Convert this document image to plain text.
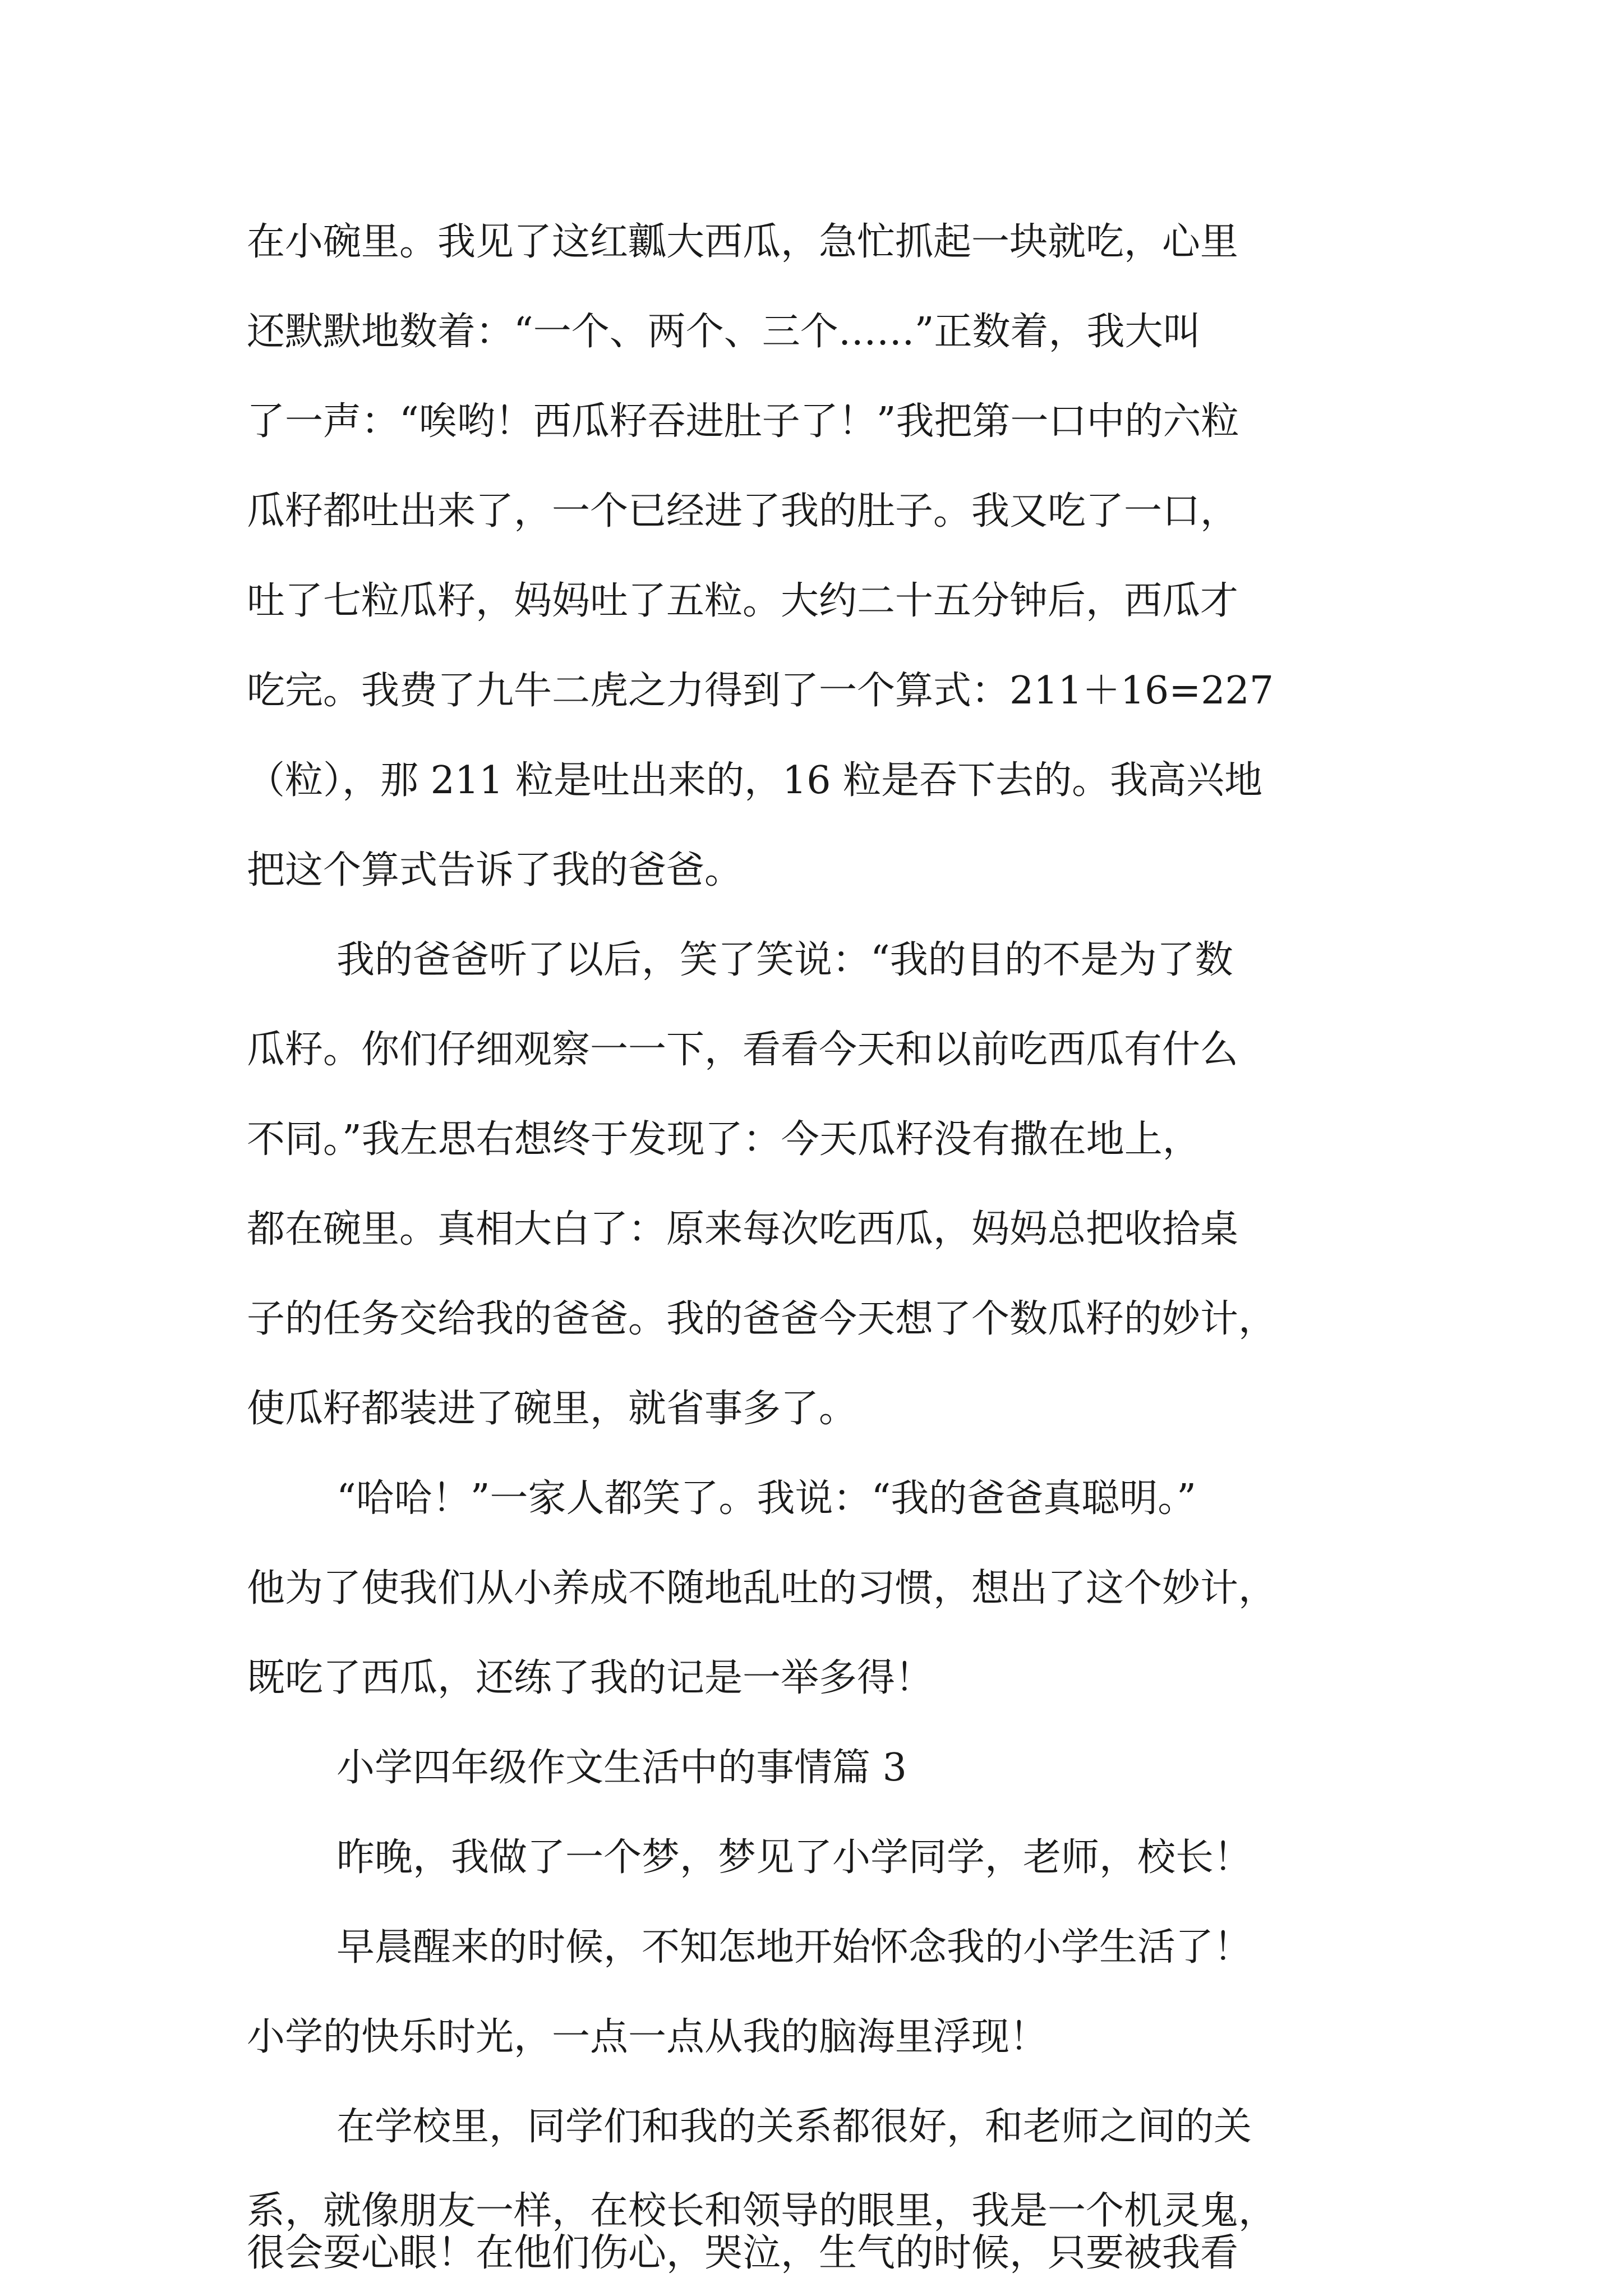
在小碗里。我见了这红瓤大西瓜，急忙抓起一块就吃，心里
还默默地数着：“一个、两个、三个……”正数着，我大叫
了一声：“唉哟！西瓜籽吞进肚子了！”我把第一口中的六粒
瓜籽都吐出来了，一个已经进了我的肚子。我又吃了一口，
吐了七粒瓜籽，妈妈吐了五粒。大约二十五分钟后，西瓜才
吃完。我费了九牛二虎之力得到了一个算式：211＋16=227
（粒），那 211 粒是吐出来的，16 粒是吞下去的。我高兴地
把这个算式告诉了我的爸爸。
我的爸爸听了以后，笑了笑说：“我的目的不是为了数
瓜籽。你们仔细观察一一下，看看今天和以前吃西瓜有什么
不同。”我左思右想终于发现了：今天瓜籽没有撒在地上，
都在碗里。真相大白了：原来每次吃西瓜，妈妈总把收拾桌
子的任务交给我的爸爸。我的爸爸今天想了个数瓜籽的妙计，
使瓜籽都装进了碗里，就省事多了。
“哈哈！”一家人都笑了。我说：“我的爸爸真聪明。”
他为了使我们从小养成不随地乱吐的习惯，想出了这个妙计，
既吃了西瓜，还练了我的记是一举多得！
小学四年级作文生活中的事情篇 3
昨晚，我做了一个梦，梦见了小学同学，老师，校长！
早晨醒来的时候，不知怎地开始怀念我的小学生活了！
小学的快乐时光，一点一点从我的脑海里浮现！
在学校里，同学们和我的关系都很好，和老师之间的关
系，就像朋友一样，在校长和领导的眼里，我是一个机灵鬼，
很会耍心眼！在他们伤心，哭泣，生气的时候，只要被我看
